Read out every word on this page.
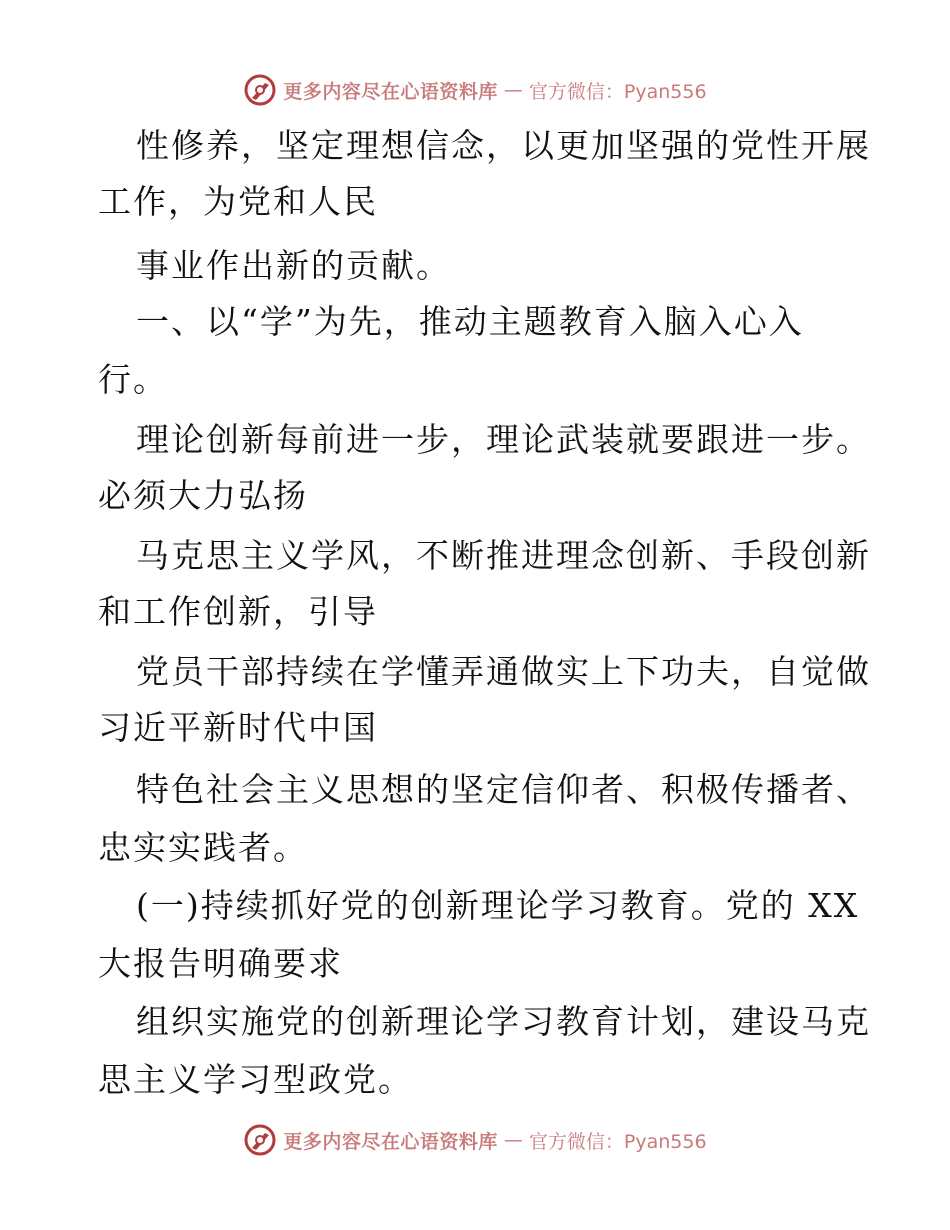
更多内容尽在心语资料库 — 官方微信：Pyan556
性修养，坚定理想信念，以更加坚强的党性开展
工作，为党和人民
事业作出新的贡献。
一、以“学”为先，推动主题教育入脑入心入
行。
理论创新每前进一步，理论武装就要跟进一步。
必须大力弘扬
马克思主义学风，不断推进理念创新、手段创新
和工作创新，引导
党员干部持续在学懂弄通做实上下功夫，自觉做
习近平新时代中国
特色社会主义思想的坚定信仰者、积极传播者、
忠实实践者。
(一)持续抓好党的创新理论学习教育。党的 XX
大报告明确要求
组织实施党的创新理论学习教育计划，建设马克
思主义学习型政党。
更多内容尽在心语资料库 — 官方微信：Pyan556
